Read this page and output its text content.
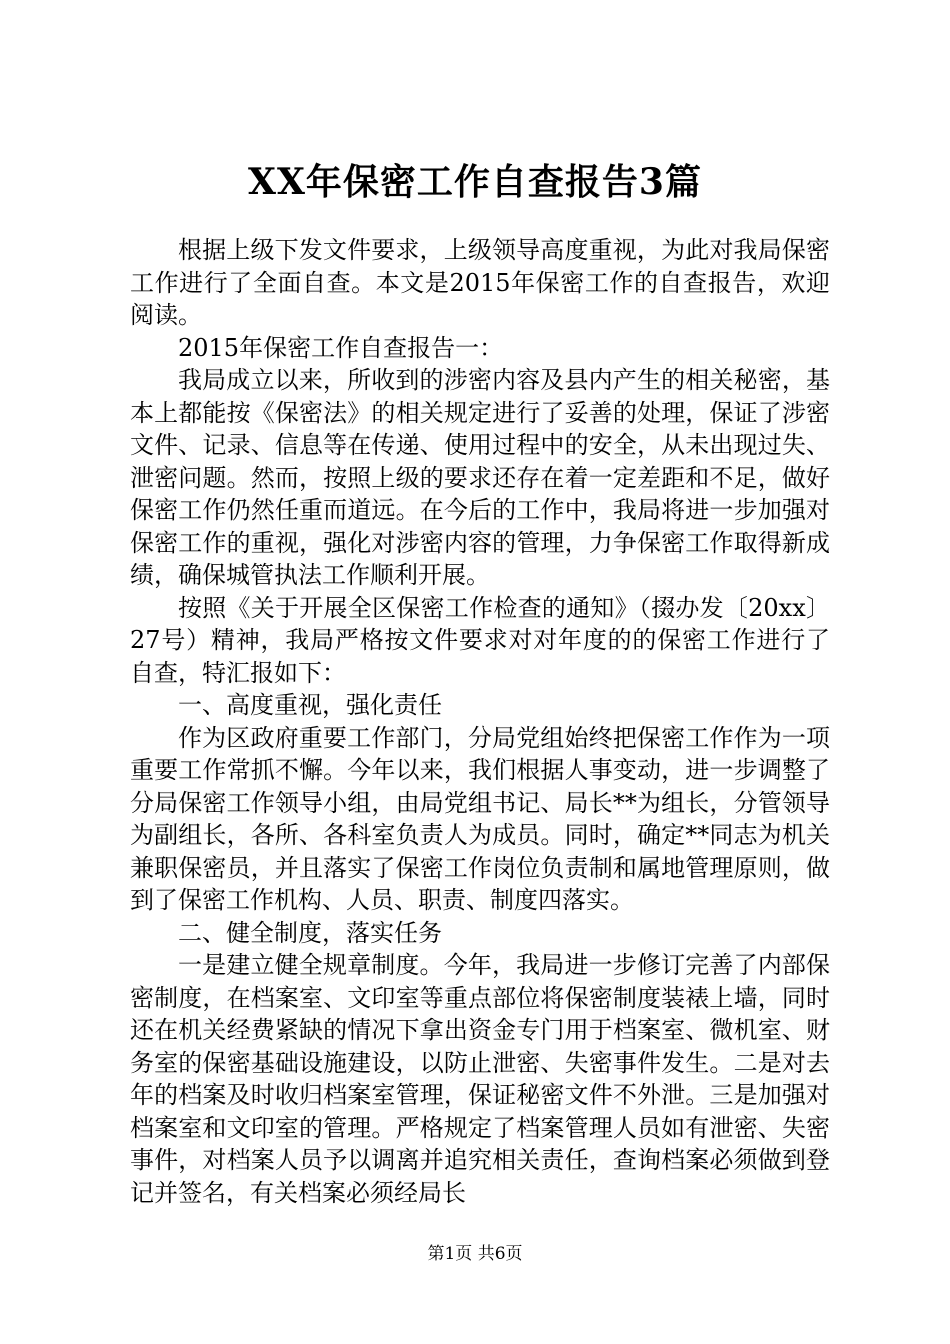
XX年保密工作自查报告3篇

根据上级下发文件要求，上级领导高度重视，为此对我局保密工作进行了全面自查。本文是2015年保密工作的自查报告，欢迎阅读。

2015年保密工作自查报告一：

我局成立以来，所收到的涉密内容及县内产生的相关秘密，基本上都能按《保密法》的相关规定进行了妥善的处理，保证了涉密文件、记录、信息等在传递、使用过程中的安全，从未出现过失、泄密问题。然而，按照上级的要求还存在着一定差距和不足，做好保密工作仍然任重而道远。在今后的工作中，我局将进一步加强对保密工作的重视，强化对涉密内容的管理，力争保密工作取得新成绩，确保城管执法工作顺利开展。

按照《关于开展全区保密工作检查的通知》（掇办发〔20xx〕27号）精神，我局严格按文件要求对对年度的的保密工作进行了自查，特汇报如下：

一、高度重视，强化责任

作为区政府重要工作部门，分局党组始终把保密工作作为一项重要工作常抓不懈。今年以来，我们根据人事变动，进一步调整了分局保密工作领导小组，由局党组书记、局长**为组长，分管领导为副组长，各所、各科室负责人为成员。同时，确定**同志为机关兼职保密员，并且落实了保密工作岗位负责制和属地管理原则，做到了保密工作机构、人员、职责、制度四落实。

二、健全制度，落实任务

一是建立健全规章制度。今年，我局进一步修订完善了内部保密制度，在档案室、文印室等重点部位将保密制度装裱上墙，同时还在机关经费紧缺的情况下拿出资金专门用于档案室、微机室、财务室的保密基础设施建设，以防止泄密、失密事件发生。二是对去年的档案及时收归档案室管理，保证秘密文件不外泄。三是加强对档案室和文印室的管理。严格规定了档案管理人员如有泄密、失密事件，对档案人员予以调离并追究相关责任，查询档案必须做到登记并签名，有关档案必须经局长

第1页 共6页
